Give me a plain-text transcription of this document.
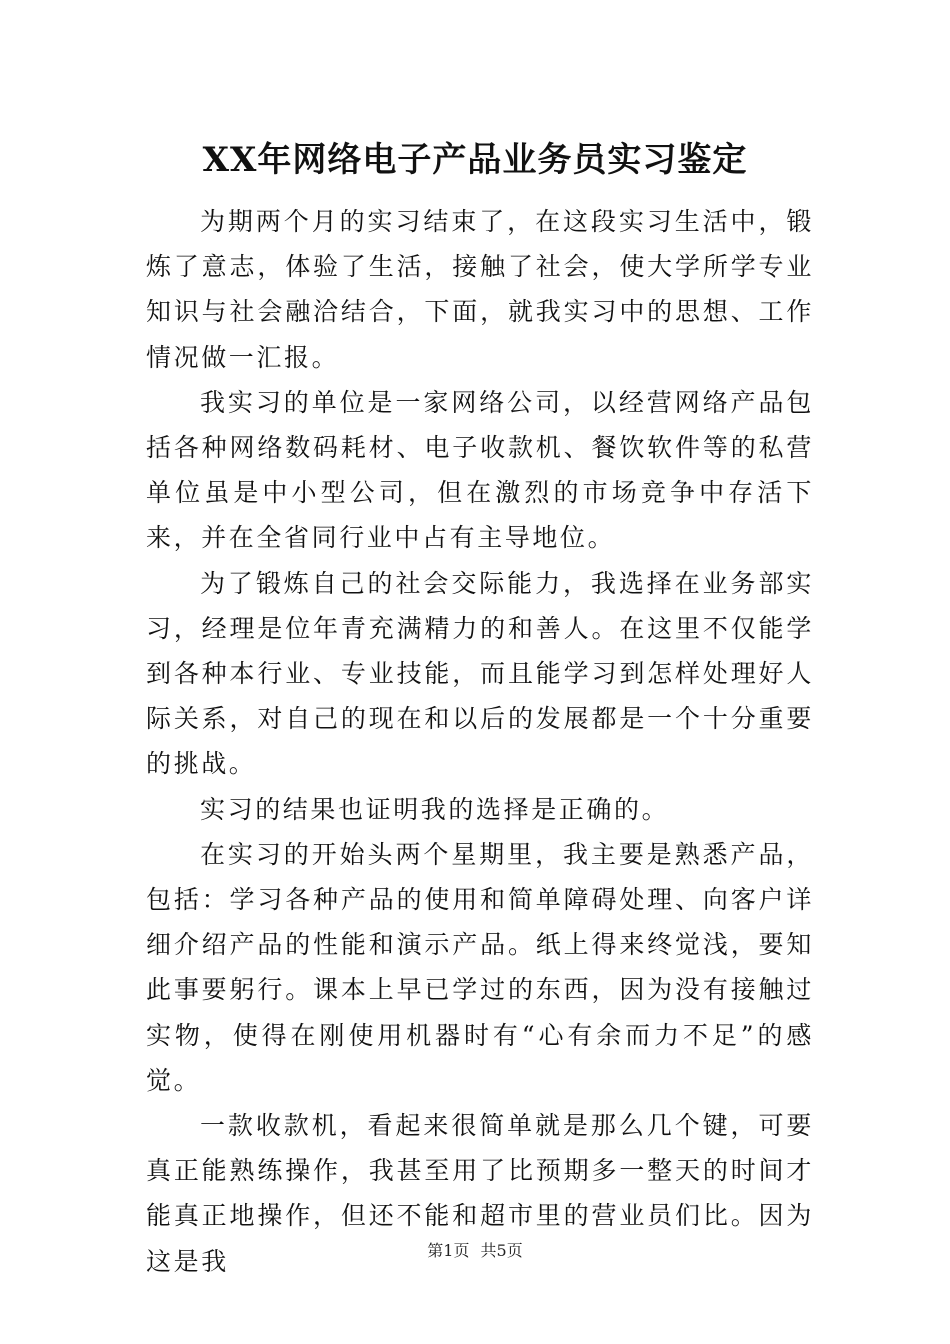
XX年网络电子产品业务员实习鉴定

为期两个月的实习结束了，在这段实习生活中，锻炼了意志，体验了生活，接触了社会，使大学所学专业知识与社会融洽结合，下面，就我实习中的思想、工作情况做一汇报。

我实习的单位是一家网络公司，以经营网络产品包括各种网络数码耗材、电子收款机、餐饮软件等的私营单位虽是中小型公司，但在激烈的市场竞争中存活下来，并在全省同行业中占有主导地位。

为了锻炼自己的社会交际能力，我选择在业务部实习，经理是位年青充满精力的和善人。在这里不仅能学到各种本行业、专业技能，而且能学习到怎样处理好人际关系，对自己的现在和以后的发展都是一个十分重要的挑战。

实习的结果也证明我的选择是正确的。

在实习的开始头两个星期里，我主要是熟悉产品，包括：学习各种产品的使用和简单障碍处理、向客户详细介绍产品的性能和演示产品。纸上得来终觉浅，要知此事要躬行。课本上早已学过的东西，因为没有接触过实物，使得在刚使用机器时有“心有余而力不足”的感觉。

一款收款机，看起来很简单就是那么几个键，可要真正能熟练操作，我甚至用了比预期多一整天的时间才能真正地操作，但还不能和超市里的营业员们比。因为这是我	第1页 共5页
